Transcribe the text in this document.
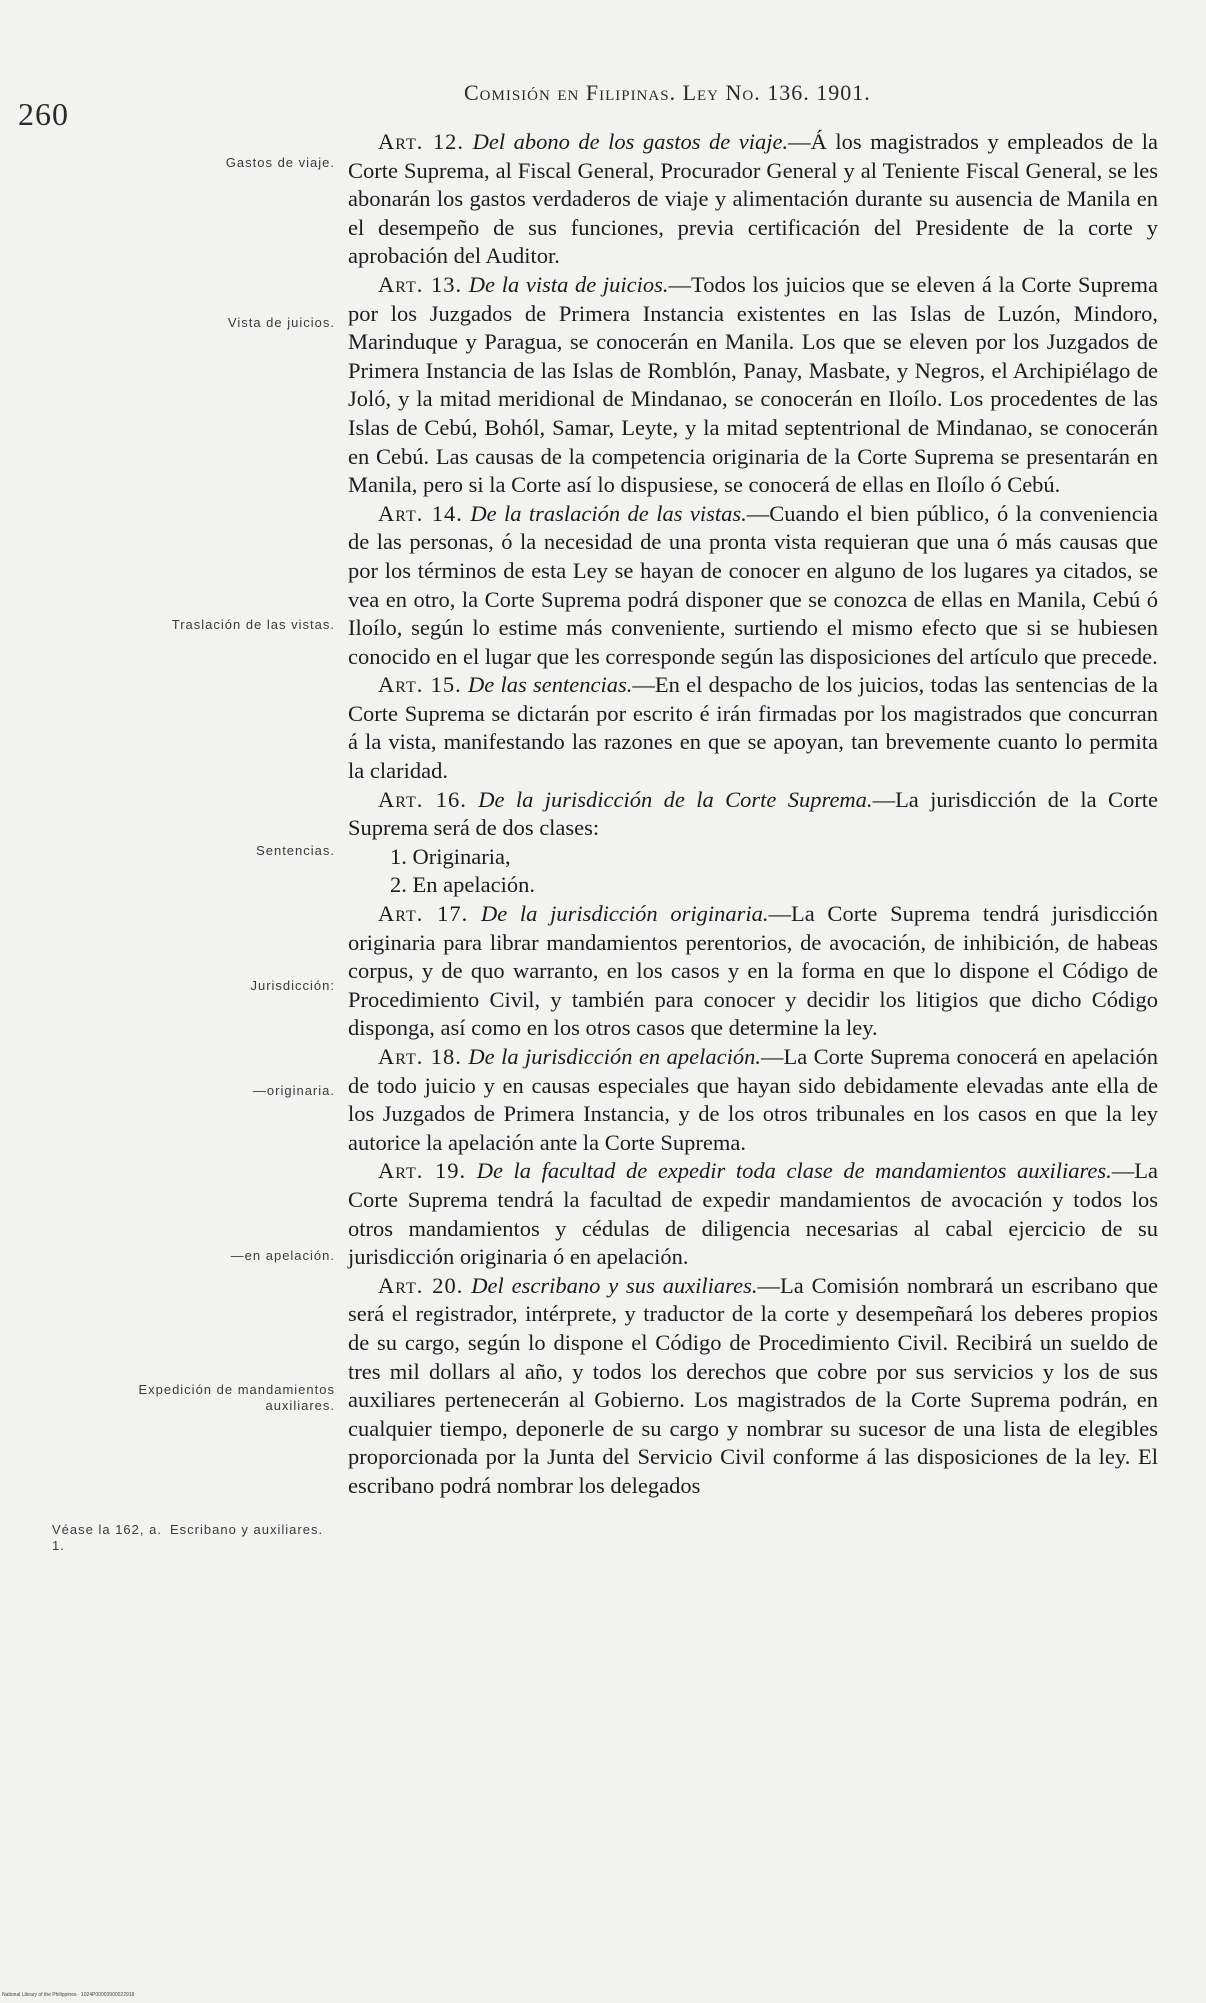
260
Comisión en Filipinas. Ley No. 136. 1901.
Gastos de viaje.
Vista de juicios.
Traslación de las vistas.
Sentencias.
Jurisdicción:
—originaria.
—en apelación.
Expedición de mandamientos auxiliares.
Véase la 162, a. 1.
Escribano y auxiliares.

Art. 12. Del abono de los gastos de viaje.—Á los magistrados y empleados de la Corte Suprema, al Fiscal General, Procurador General y al Teniente Fiscal General, se les abonarán los gastos verdaderos de viaje y alimentación durante su ausencia de Manila en el desempeño de sus funciones, previa certificación del Presidente de la corte y aprobación del Auditor.

Art. 13. De la vista de juicios.—Todos los juicios que se eleven á la Corte Suprema por los Juzgados de Primera Instancia existentes en las Islas de Luzón, Mindoro, Marinduque y Paragua, se conocerán en Manila. Los que se eleven por los Juzgados de Primera Instancia de las Islas de Romblón, Panay, Masbate, y Negros, el Archipiélago de Joló, y la mitad meridional de Mindanao, se conocerán en Iloílo. Los procedentes de las Islas de Cebú, Bohól, Samar, Leyte, y la mitad septentrional de Mindanao, se conocerán en Cebú. Las causas de la competencia originaria de la Corte Suprema se presentarán en Manila, pero si la Corte así lo dispusiese, se conocerá de ellas en Iloílo ó Cebú.

Art. 14. De la traslación de las vistas.—Cuando el bien público, ó la conveniencia de las personas, ó la necesidad de una pronta vista requieran que una ó más causas que por los términos de esta Ley se hayan de conocer en alguno de los lugares ya citados, se vea en otro, la Corte Suprema podrá disponer que se conozca de ellas en Manila, Cebú ó Iloílo, según lo estime más conveniente, surtiendo el mismo efecto que si se hubiesen conocido en el lugar que les corresponde según las disposiciones del artículo que precede.

Art. 15. De las sentencias.—En el despacho de los juicios, todas las sentencias de la Corte Suprema se dictarán por escrito é irán firmadas por los magistrados que concurran á la vista, manifestando las razones en que se apoyan, tan brevemente cuanto lo permita la claridad.

Art. 16. De la jurisdicción de la Corte Suprema.—La jurisdicción de la Corte Suprema será de dos clases:

1. Originaria,

2. En apelación.

Art. 17. De la jurisdicción originaria.—La Corte Suprema tendrá jurisdicción originaria para librar mandamientos perentorios, de avocación, de inhibición, de habeas corpus, y de quo warranto, en los casos y en la forma en que lo dispone el Código de Procedimiento Civil, y también para conocer y decidir los litigios que dicho Código disponga, así como en los otros casos que determine la ley.

Art. 18. De la jurisdicción en apelación.—La Corte Suprema conocerá en apelación de todo juicio y en causas especiales que hayan sido debidamente elevadas ante ella de los Juzgados de Primera Instancia, y de los otros tribunales en los casos en que la ley autorice la apelación ante la Corte Suprema.

Art. 19. De la facultad de expedir toda clase de mandamientos auxiliares.—La Corte Suprema tendrá la facultad de expedir mandamientos de avocación y todos los otros mandamientos y cédulas de diligencia necesarias al cabal ejercicio de su jurisdicción originaria ó en apelación.

Art. 20. Del escribano y sus auxiliares.—La Comisión nombrará un escribano que será el registrador, intérprete, y traductor de la corte y desempeñará los deberes propios de su cargo, según lo dispone el Código de Procedimiento Civil. Recibirá un sueldo de tres mil dollars al año, y todos los derechos que cobre por sus servicios y los de sus auxiliares pertenecerán al Gobierno. Los magistrados de la Corte Suprema podrán, en cualquier tiempo, deponerle de su cargo y nombrar su sucesor de una lista de elegibles proporcionada por la Junta del Servicio Civil conforme á las disposiciones de la ley. El escribano podrá nombrar los delegados

National Library of the Philippines · 1024P00003900022918
